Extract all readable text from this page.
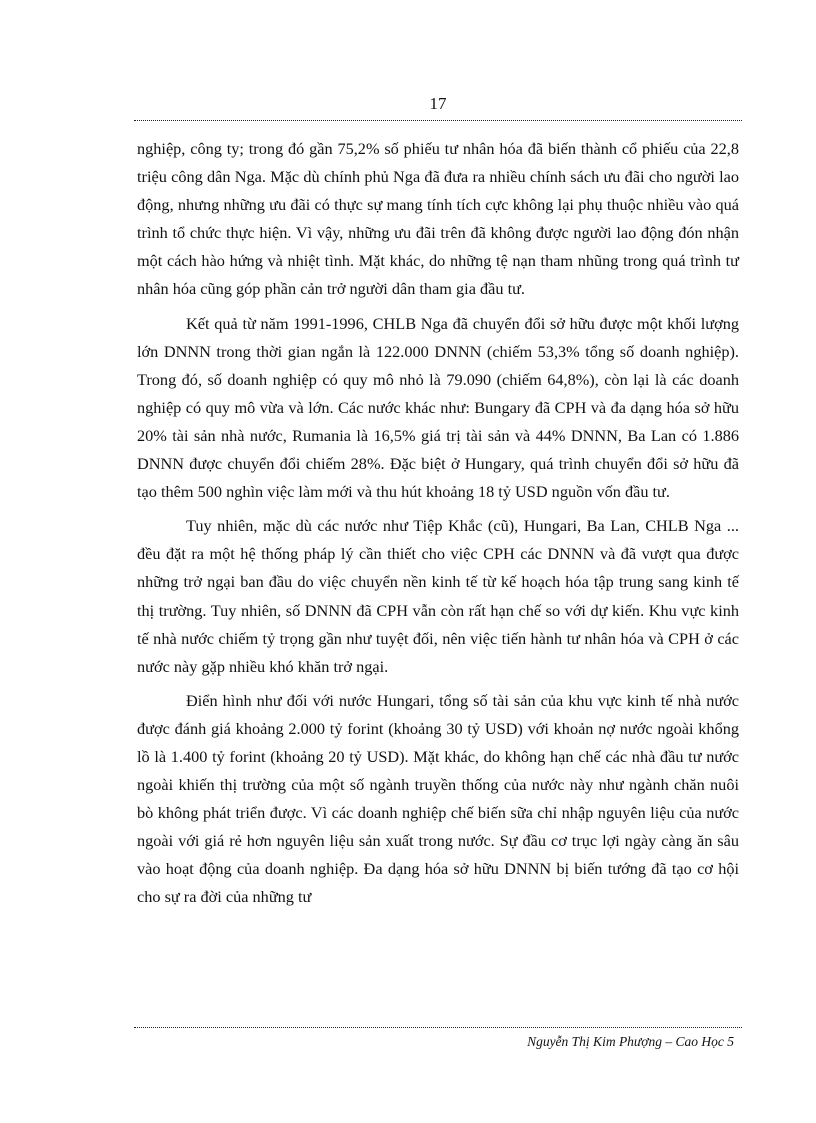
17

nghiệp, công ty; trong đó gần 75,2% số phiếu tư nhân hóa đã biến thành cổ phiếu của 22,8 triệu công dân Nga. Mặc dù chính phủ Nga đã đưa ra nhiều chính sách ưu đãi cho người lao động, nhưng những ưu đãi có thực sự mang tính tích cực không lại phụ thuộc nhiều vào quá trình tổ chức thực hiện. Vì vậy, những ưu đãi trên đã không được người lao động đón nhận một cách hào hứng và nhiệt tình. Mặt khác, do những tệ nạn tham nhũng trong quá trình tư nhân hóa cũng góp phần cản trở người dân tham gia đầu tư.

Kết quả từ năm 1991-1996, CHLB Nga đã chuyển đổi sở hữu được một khối lượng lớn DNNN trong thời gian ngắn là 122.000 DNNN (chiếm 53,3% tổng số doanh nghiệp). Trong đó, số doanh nghiệp có quy mô nhỏ là 79.090 (chiếm 64,8%), còn lại là các doanh nghiệp có quy mô vừa và lớn. Các nước khác như: Bungary đã CPH và đa dạng hóa sở hữu 20% tài sản nhà nước, Rumania là 16,5% giá trị tài sản và 44% DNNN, Ba Lan có 1.886 DNNN được chuyển đổi chiếm 28%. Đặc biệt ở Hungary, quá trình chuyển đổi sở hữu đã tạo thêm 500 nghìn việc làm mới và thu hút khoảng 18 tỷ USD nguồn vốn đầu tư.

Tuy nhiên, mặc dù các nước như Tiệp Khắc (cũ), Hungari, Ba Lan, CHLB Nga ... đều đặt ra một hệ thống pháp lý cần thiết cho việc CPH các DNNN và đã vượt qua được những trở ngại ban đầu do việc chuyển nền kinh tế từ kế hoạch hóa tập trung sang kinh tế thị trường. Tuy nhiên, số DNNN đã CPH vẫn còn rất hạn chế so với dự kiến. Khu vực kinh tế nhà nước chiếm tỷ trọng gần như tuyệt đối, nên việc tiến hành tư nhân hóa và CPH ở các nước này gặp nhiều khó khăn trở ngại.

Điển hình như đối với nước Hungari, tổng số tài sản của khu vực kinh tế nhà nước được đánh giá khoảng 2.000 tỷ forint (khoảng 30 tỷ USD) với khoản nợ nước ngoài khổng lồ là 1.400 tỷ forint (khoảng 20 tỷ USD). Mặt khác, do không hạn chế các nhà đầu tư nước ngoài khiến thị trường của một số ngành truyền thống của nước này như ngành chăn nuôi bò không phát triển được. Vì các doanh nghiệp chế biến sữa chỉ nhập nguyên liệu của nước ngoài với giá rẻ hơn nguyên liệu sản xuất trong nước. Sự đầu cơ trục lợi ngày càng ăn sâu vào hoạt động của doanh nghiệp. Đa dạng hóa sở hữu DNNN bị biến tướng đã tạo cơ hội cho sự ra đời của những tư

Nguyễn Thị Kim Phượng – Cao Học 5
